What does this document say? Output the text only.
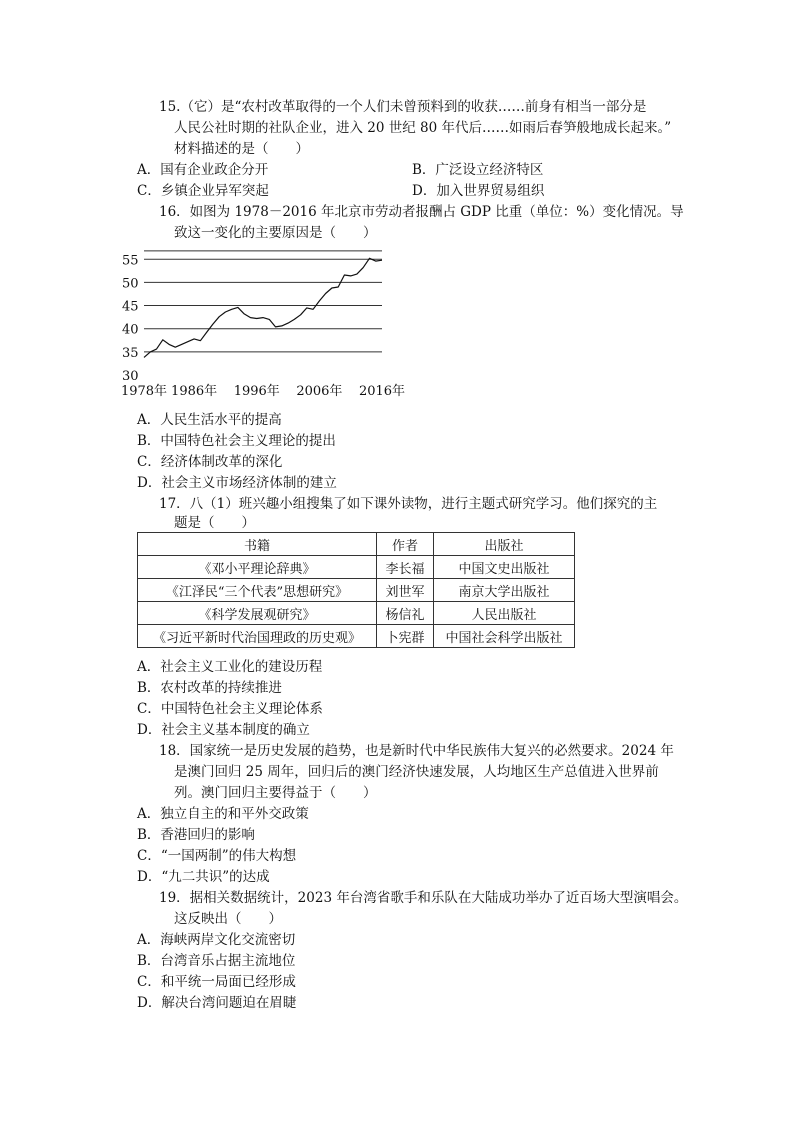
15.（它）是“农村改革取得的一个人们未曾预料到的收获……前身有相当一部分是
人民公社时期的社队企业，进入 20 世纪 80 年代后……如雨后春笋般地成长起来。”
材料描述的是（　　）
A．国有企业政企分开	B．广泛设立经济特区
C．乡镇企业异军突起	D．加入世界贸易组织
16．如图为 1978－2016 年北京市劳动者报酬占 GDP 比重（单位：%）变化情况。导
致这一变化的主要原因是（　　）
55
50
45
40
35
30
1978年 1986年 1996年 2006年 2016年
A．人民生活水平的提高
B．中国特色社会主义理论的提出
C．经济体制改革的深化
D．社会主义市场经济体制的建立
17．八（1）班兴趣小组搜集了如下课外读物，进行主题式研究学习。他们探究的主
题是（　　）
书籍	作者	出版社
《邓小平理论辞典》	李长福	中国文史出版社
《江泽民“三个代表”思想研究》	刘世军	南京大学出版社
《科学发展观研究》	杨信礼	人民出版社
《习近平新时代治国理政的历史观》	卜宪群	中国社会科学出版社
A．社会主义工业化的建设历程
B．农村改革的持续推进
C．中国特色社会主义理论体系
D．社会主义基本制度的确立
18．国家统一是历史发展的趋势，也是新时代中华民族伟大复兴的必然要求。2024 年
是澳门回归 25 周年，回归后的澳门经济快速发展，人均地区生产总值进入世界前
列。澳门回归主要得益于（　　）
A．独立自主的和平外交政策
B．香港回归的影响
C．“一国两制”的伟大构想
D．“九二共识”的达成
19．据相关数据统计，2023 年台湾省歌手和乐队在大陆成功举办了近百场大型演唱会。
这反映出（　　）
A．海峡两岸文化交流密切
B．台湾音乐占据主流地位
C．和平统一局面已经形成
D．解决台湾问题迫在眉睫
